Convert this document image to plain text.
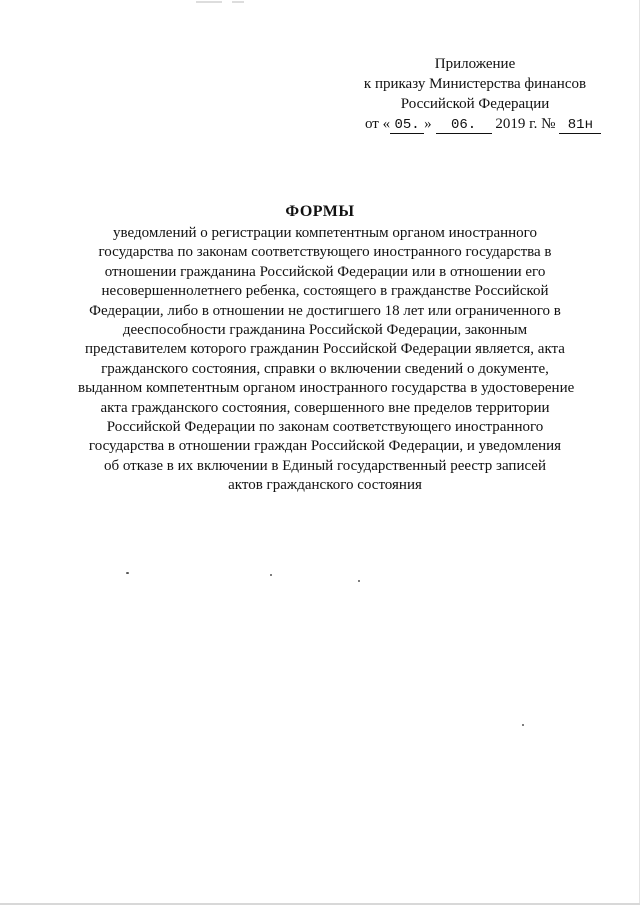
Приложение
к приказу Министерства финансов
Российской Федерации
от « 05. » 06. 2019 г. № 81н
ФОРМЫ
уведомлений о регистрации компетентным органом иностранного
государства по законам соответствующего иностранного государства в
отношении гражданина Российской Федерации или в отношении его
несовершеннолетнего ребенка, состоящего в гражданстве Российской
Федерации, либо в отношении не достигшего 18 лет или ограниченного в
дееспособности гражданина Российской Федерации, законным
представителем которого гражданин Российской Федерации является, акта
гражданского состояния, справки о включении сведений о документе,
выданном компетентным органом иностранного государства в удостоверение
акта гражданского состояния, совершенного вне пределов территории
Российской Федерации по законам соответствующего иностранного
государства в отношении граждан Российской Федерации, и уведомления
об отказе в их включении в Единый государственный реестр записей
актов гражданского состояния
